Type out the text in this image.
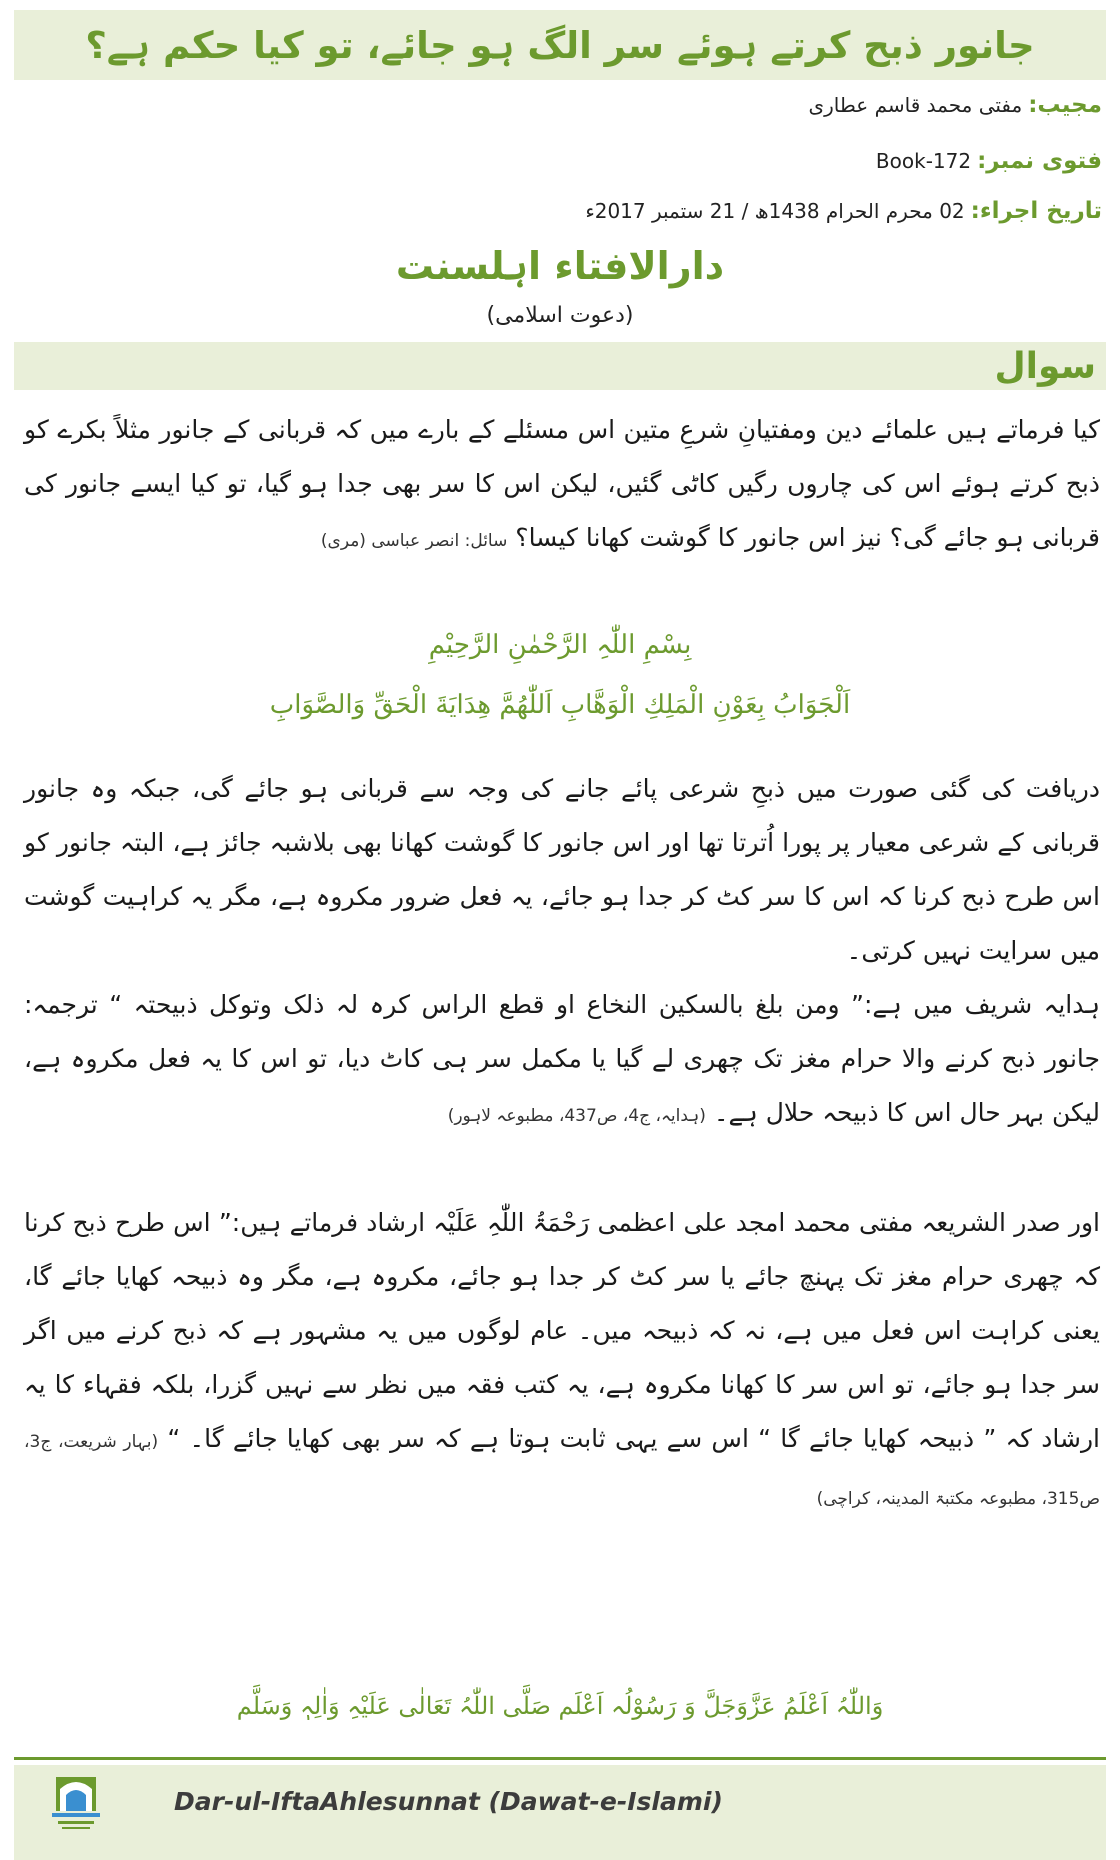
جانور ذبح کرتے ہوئے سر الگ ہو جائے، تو کیا حکم ہے؟
مجیب:
مفتی محمد قاسم عطاری
فتوی نمبر:
Book-172
تاریخ اجراء:
02 محرم الحرام 1438ھ / 21 ستمبر 2017ء
دارالافتاء اہلسنت
(دعوت اسلامی)
سوال
کیا فرماتے ہیں علمائے دین ومفتیانِ شرعِ متین اس مسئلے کے بارے میں کہ قربانی کے جانور مثلاً بکرے کو ذبح کرتے ہوئے اس کی چاروں رگیں کاٹی گئیں، لیکن اس کا سر بھی جدا ہو گیا، تو کیا ایسے جانور کی قربانی ہو جائے گی؟ نیز اس جانور کا گوشت کھانا کیسا؟ سائل: انصر عباسی (مری)
بِسْمِ اللّٰہِ الرَّحْمٰنِ الرَّحِیْمِ
اَلْجَوَابُ بِعَوْنِ الْمَلِكِ الْوَهَّابِ اَللّٰهُمَّ هِدَايَةَ الْحَقِّ وَالصَّوَابِ
دریافت کی گئی صورت میں ذبحِ شرعی پائے جانے کی وجہ سے قربانی ہو جائے گی، جبکہ وہ جانور قربانی کے شرعی معیار پر پورا اُترتا تھا اور اس جانور کا گوشت کھانا بھی بلاشبہ جائز ہے، البتہ جانور کو اس طرح ذبح کرنا کہ اس کا سر کٹ کر جدا ہو جائے، یہ فعل ضرور مکروہ ہے، مگر یہ کراہیت گوشت میں سرایت نہیں کرتی۔
ہدایہ شریف میں ہے:” ومن بلغ بالسکین النخاع او قطع الراس کرہ لہ ذلک وتوکل ذبیحتہ “ ترجمہ: جانور ذبح کرنے والا حرام مغز تک چھری لے گیا یا مکمل سر ہی کاٹ دیا، تو اس کا یہ فعل مکروہ ہے، لیکن بہر حال اس کا ذبیحہ حلال ہے۔ (ہدایہ، ج4، ص437، مطبوعہ لاہور)
اور صدر الشریعہ مفتی محمد امجد علی اعظمی رَحْمَۃُ اللّٰہِ عَلَیْہ ارشاد فرماتے ہیں:” اس طرح ذبح کرنا کہ چھری حرام مغز تک پہنچ جائے یا سر کٹ کر جدا ہو جائے، مکروہ ہے، مگر وہ ذبیحہ کھایا جائے گا، یعنی کراہت اس فعل میں ہے، نہ کہ ذبیحہ میں۔ عام لوگوں میں یہ مشہور ہے کہ ذبح کرنے میں اگر سر جدا ہو جائے، تو اس سر کا کھانا مکروہ ہے، یہ کتب فقہ میں نظر سے نہیں گزرا، بلکہ فقہاء کا یہ ارشاد کہ ” ذبیحہ کھایا جائے گا “ اس سے یہی ثابت ہوتا ہے کہ سر بھی کھایا جائے گا۔ “ (بہار شریعت، ج3، ص315، مطبوعہ مکتبۃ المدینہ، کراچی)
وَاللّٰہُ اَعْلَمُ عَزَّوَجَلَّ وَ رَسُوْلُہ اَعْلَم صَلَّی اللّٰہُ تَعَالٰی عَلَیْہِ وَاٰلِہٖ وَسَلَّم
Dar-ul-IftaAhlesunnat (Dawat-e-Islami)
